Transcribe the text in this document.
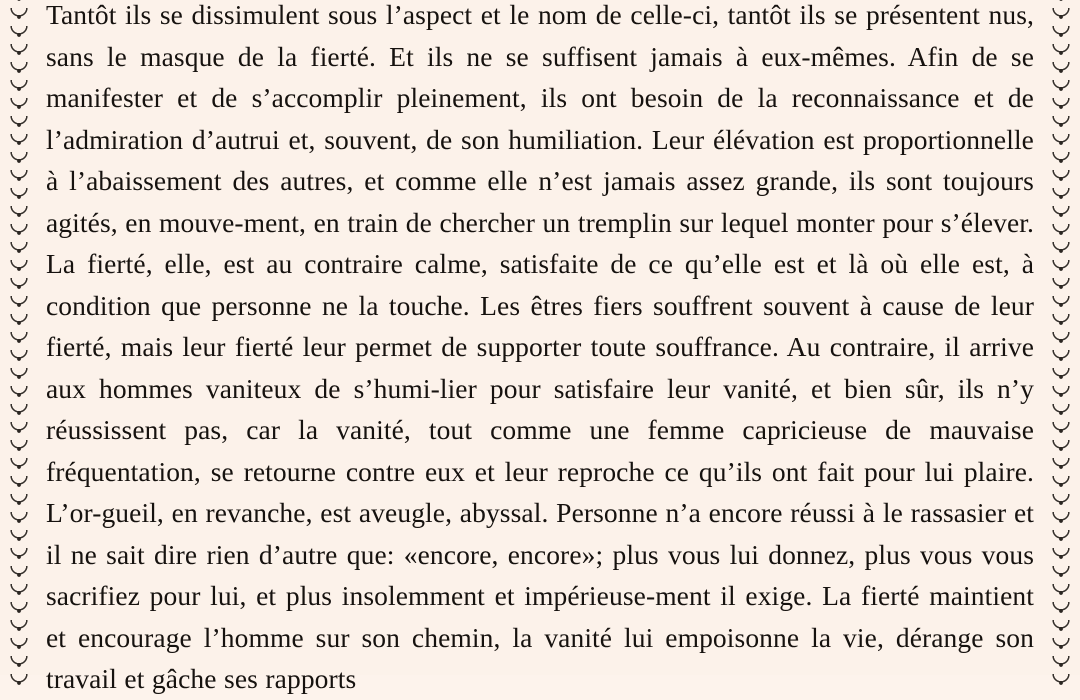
Tantôt ils se dissimulent sous l’aspect et le nom de celle-ci, tantôt ils se présentent nus, sans le masque de la fierté. Et ils ne se suffisent jamais à eux-mêmes. Afin de se manifester et de s’accomplir pleinement, ils ont besoin de la reconnaissance et de l’admiration d’autrui et, souvent, de son humiliation. Leur élévation est proportionnelle à l’abaissement des autres, et comme elle n’est jamais assez grande, ils sont toujours agités, en mouve-ment, en train de chercher un tremplin sur lequel monter pour s’élever. La fierté, elle, est au contraire calme, satisfaite de ce qu’elle est et là où elle est, à condition que personne ne la touche. Les êtres fiers souffrent souvent à cause de leur fierté, mais leur fierté leur permet de supporter toute souffrance. Au contraire, il arrive aux hommes vaniteux de s’humi-lier pour satisfaire leur vanité, et bien sûr, ils n’y réussissent pas, car la vanité, tout comme une femme capricieuse de mauvaise fréquentation, se retourne contre eux et leur reproche ce qu’ils ont fait pour lui plaire. L’or-gueil, en revanche, est aveugle, abyssal. Personne n’a encore réussi à le rassasier et il ne sait dire rien d’autre que: «encore, encore»; plus vous lui donnez, plus vous vous sacrifiez pour lui, et plus insolemment et impérieuse-ment il exige. La fierté maintient et encourage l’homme sur son chemin, la vanité lui empoisonne la vie, dérange son travail et gâche ses rapports
